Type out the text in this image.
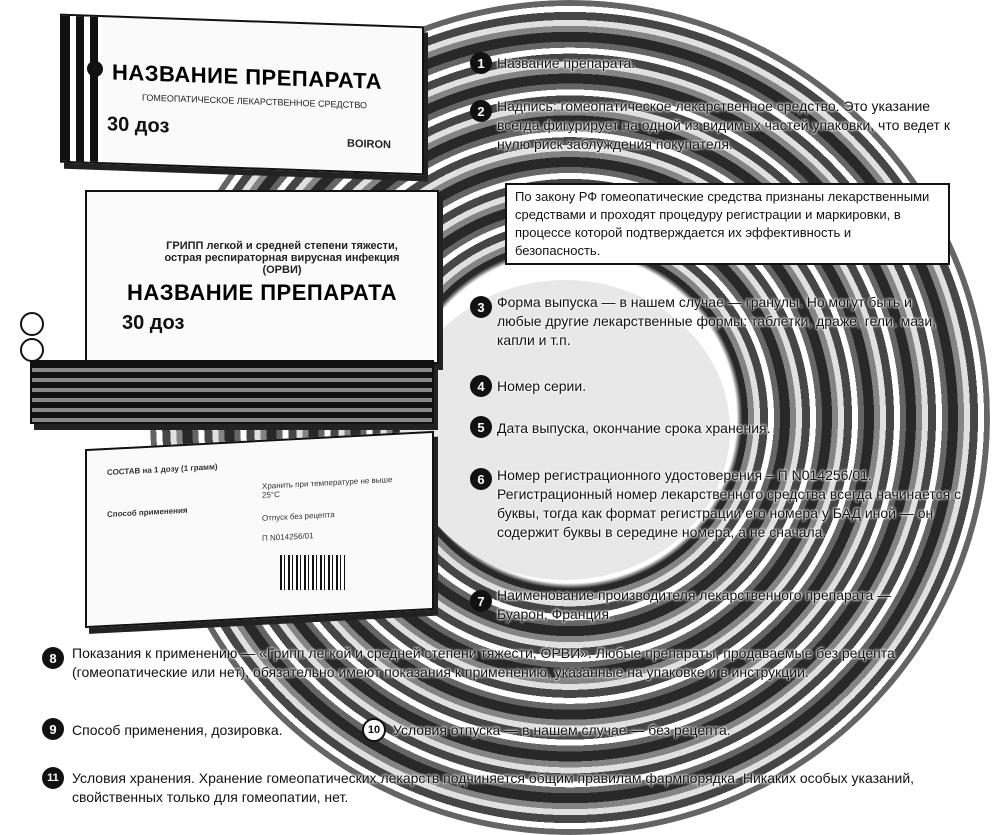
НАЗВАНИЕ ПРЕПАРАТА
ГОМЕОПАТИЧЕСКОЕ ЛЕКАРСТВЕННОЕ СРЕДСТВО
30 доз
BOIRON
ГРИПП легкой и средней степени тяжести, острая респираторная вирусная инфекция (ОРВИ)
НАЗВАНИЕ ПРЕПАРАТА
30 доз
СОСТАВ на 1 дозу (1 грамм)
Способ применения
Хранить при температуре не выше 25°С
Отпуск без рецепта
П N014256/01
По закону РФ гомеопатические средства признаны лекарственными средствами и проходят процедуру регистрации и маркировки, в процессе которой подтверждается их эффективность и безопасность.
1 Название препарата.
2 Надпись: гомеопатическое лекарственное средство. Это указание всегда фигурирует на одной из видимых частей упаковки, что ведет к нулю риск заблуждения покупателя.
3 Форма выпуска — в нашем случае — гранулы. Но могут быть и любые другие лекарственные формы: таблетки, драже, гели, мази, капли и т.п.
4 Номер серии.
5 Дата выпуска, окончание срока хранения.
6 Номер регистрационного удостоверения – П N014256/01. Регистрационный номер лекарственного средства всегда начинается с буквы, тогда как формат регистрации его номера у БАД иной — он содержит буквы в середине номера, а не сначала.
7 Наименование производителя лекарственного препарата — Буарон, Франция.
8	Показания к применению — «Грипп легкой и средней степени тяжести, ОРВИ». Любые препараты, продаваемые без рецепта (гомеопатические или нет), обязательно имеют показания к применению, указанные на упаковке и в инструкции.
9	Способ применения, дозировка.	10 Условия отпуска — в нашем случае — без рецепта.
11 Условия хранения. Хранение гомеопатических лекарств подчиняется общим правилам фармпорядка. Никаких особых указаний, свойственных только для гомеопатии, нет.
